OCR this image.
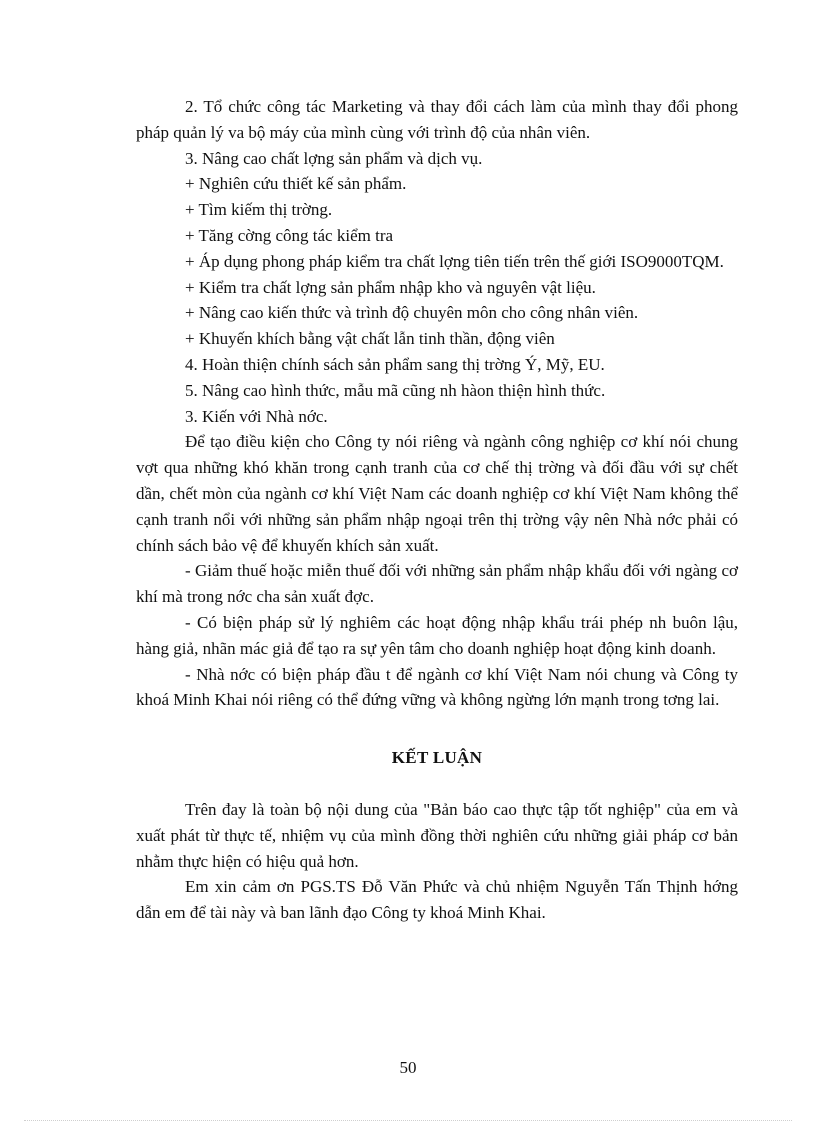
2. Tổ chức công tác Marketing và thay đổi cách làm của mình thay đổi phong pháp quản lý va bộ máy của mình cùng với trình độ của nhân viên.

3. Nâng cao chất lợng sản phẩm và dịch vụ.

+ Nghiên cứu thiết kế sản phẩm.

+ Tìm kiếm thị trờng.

+ Tăng cờng công tác kiểm tra

+ Áp dụng phong pháp kiểm tra chất lợng tiên tiến trên thế giới ISO9000TQM.

+ Kiểm tra chất lợng sản phẩm nhập kho và nguyên vật liệu.

+ Nâng cao kiến thức và trình độ chuyên môn cho công nhân viên.

+ Khuyến khích bằng vật chất lẫn tinh thần, động viên

4. Hoàn thiện chính sách sản phẩm sang thị trờng Ý, Mỹ, EU.

5. Nâng cao hình thức, mẫu mã cũng nh hàon thiện hình thức.

3. Kiến với Nhà nớc.

Để tạo điều kiện cho Công ty nói riêng và ngành công nghiệp cơ khí nói chung vợt qua những khó khăn trong cạnh tranh của cơ chế thị trờng và đối đầu với sự chết dần, chết mòn của ngành cơ khí Việt Nam các doanh nghiệp cơ khí Việt Nam không thể cạnh tranh nổi với những sản phẩm nhập ngoại trên thị trờng vậy nên Nhà nớc phải có chính sách bảo vệ để khuyến khích sản xuất.

- Giảm thuế hoặc miễn thuế đối với những sản phẩm nhập khẩu đối với ngàng cơ khí mà trong nớc cha sản xuất đợc.

- Có biện pháp sử lý nghiêm các hoạt động nhập khẩu trái phép nh buôn lậu, hàng giả, nhãn mác giả để tạo ra sự yên tâm cho doanh nghiệp hoạt động kinh doanh.

- Nhà nớc có biện pháp đầu t để ngành cơ khí Việt Nam nói chung và Công ty khoá Minh Khai nói riêng có thể đứng vững và không ngừng lớn mạnh trong tơng lai.

KẾT LUẬN

Trên đay là toàn bộ nội dung của "Bản báo cao thực tập tốt nghiệp" của em và xuất phát từ thực tế, nhiệm vụ của mình đồng thời nghiên cứu những giải pháp cơ bản nhằm thực hiện có hiệu quả hơn.

Em xin cảm ơn PGS.TS Đỗ Văn Phức và chủ nhiệm Nguyễn Tấn Thịnh hớng dẫn em để tài này và ban lãnh đạo Công ty khoá Minh Khai.

50
